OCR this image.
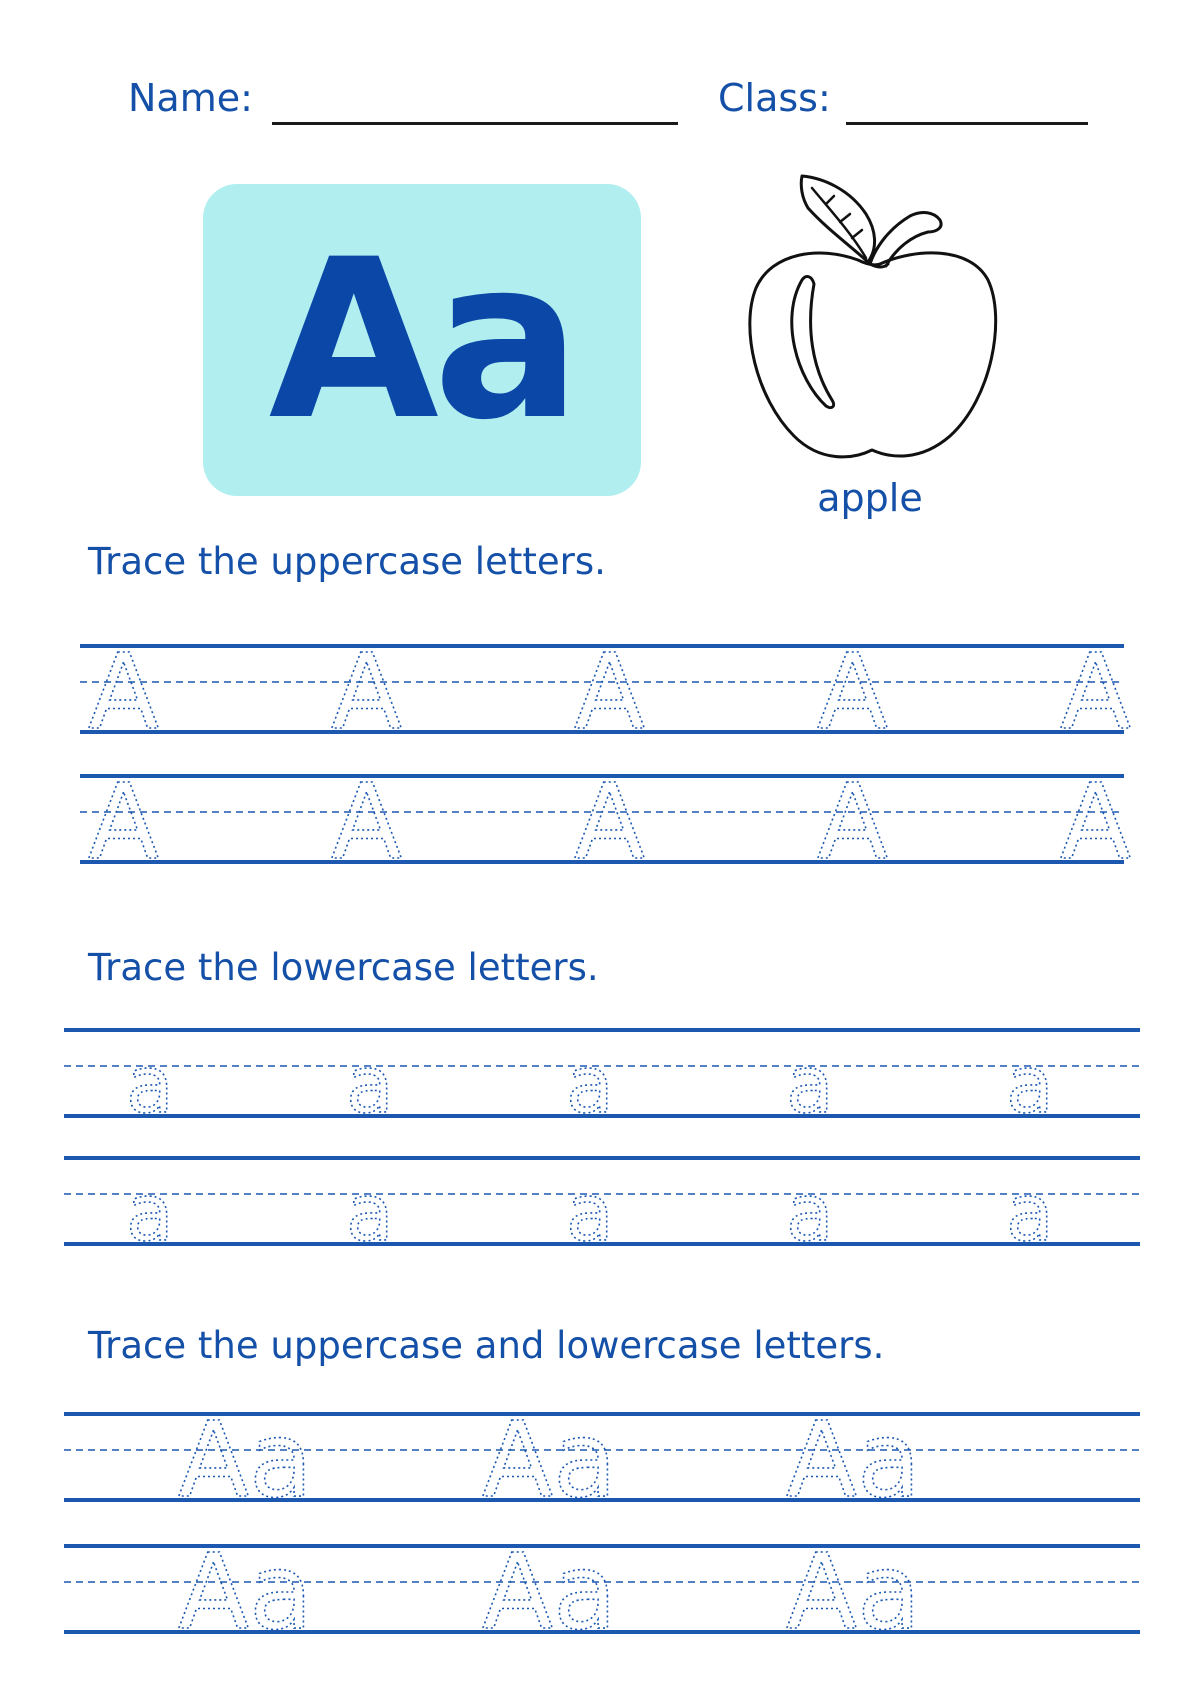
Name:	Class:
Aa
apple
Trace the uppercase letters.
A A A A A
A A A A A
Trace the lowercase letters.
a a a a a
a a a a a
Trace the uppercase and lowercase letters.
Aa Aa Aa
Aa Aa Aa
